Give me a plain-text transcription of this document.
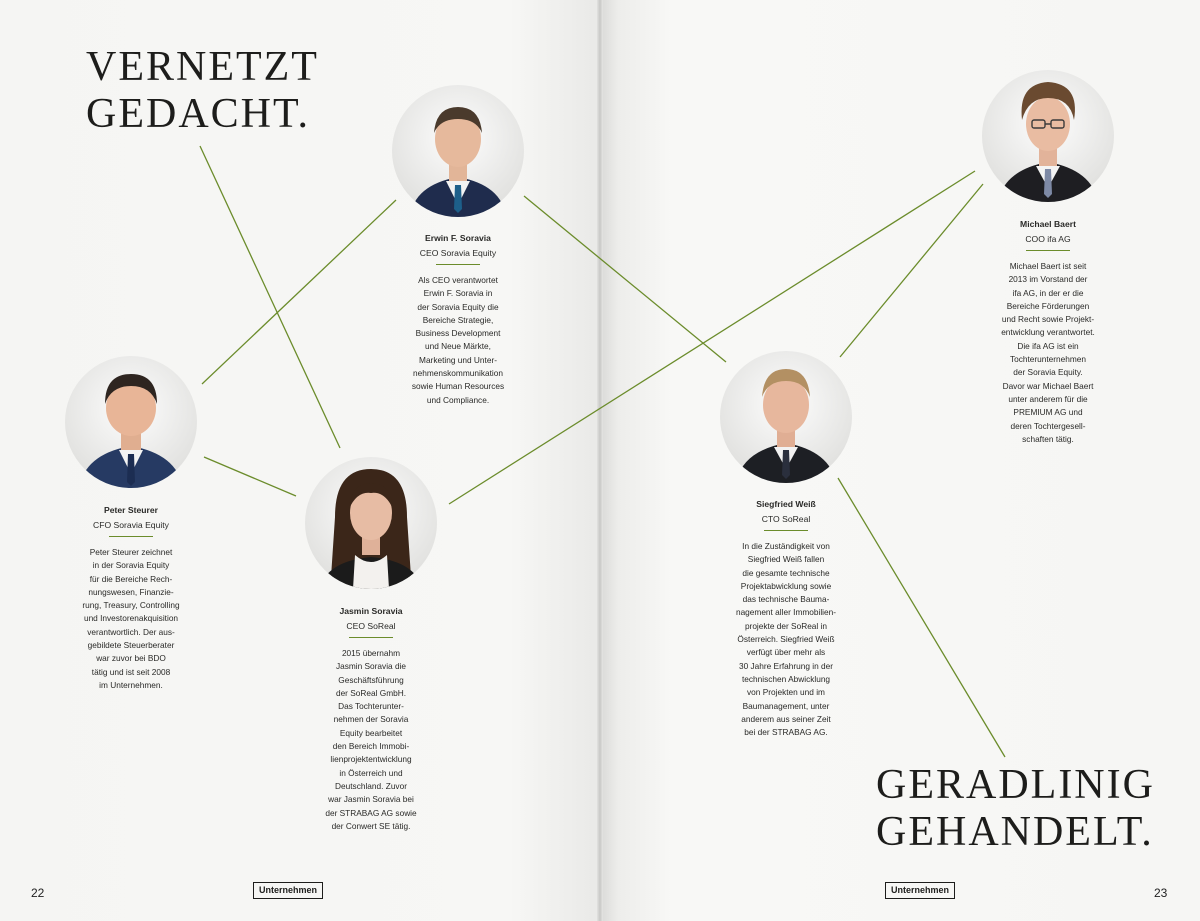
VERNETZT
GEDACHT.
GERADLINIG
GEHANDELT.
Erwin F. Soravia
CEO Soravia Equity
Als CEO verantwortet
Erwin F. Soravia in
der Soravia Equity die
Bereiche Strategie,
Business Development
und Neue Märkte,
Marketing und Unter-
nehmenskommunikation
sowie Human Resources
und Compliance.
Peter Steurer
CFO Soravia Equity
Peter Steurer zeichnet
in der Soravia Equity
für die Bereiche Rech-
nungswesen, Finanzie-
rung, Treasury, Controlling
und Investorenakquisition
verantwortlich. Der aus-
gebildete Steuerberater
war zuvor bei BDO
tätig und ist seit 2008
im Unternehmen.
Jasmin Soravia
CEO SoReal
2015 übernahm
Jasmin Soravia die
Geschäftsführung
der SoReal GmbH.
Das Tochterunter-
nehmen der Soravia
Equity bearbeitet
den Bereich Immobi-
lienprojektentwicklung
in Österreich und
Deutschland. Zuvor
war Jasmin Soravia bei
der STRABAG AG sowie
der Conwert SE tätig.
Michael Baert
COO ifa AG
Michael Baert ist seit
2013 im Vorstand der
ifa AG, in der er die
Bereiche Förderungen
und Recht sowie Projekt-
entwicklung verantwortet.
Die ifa AG ist ein
Tochterunternehmen
der Soravia Equity.
Davor war Michael Baert
unter anderem für die
PREMIUM AG und
deren Tochtergesell-
schaften tätig.
Siegfried Weiß
CTO SoReal
In die Zuständigkeit von
Siegfried Weiß fallen
die gesamte technische
Projektabwicklung sowie
das technische Bauma-
nagement aller Immobilien-
projekte der SoReal in
Österreich. Siegfried Weiß
verfügt über mehr als
30 Jahre Erfahrung in der
technischen Abwicklung
von Projekten und im
Baumanagement, unter
anderem aus seiner Zeit
bei der STRABAG AG.
22	Unternehmen	Unternehmen	23
